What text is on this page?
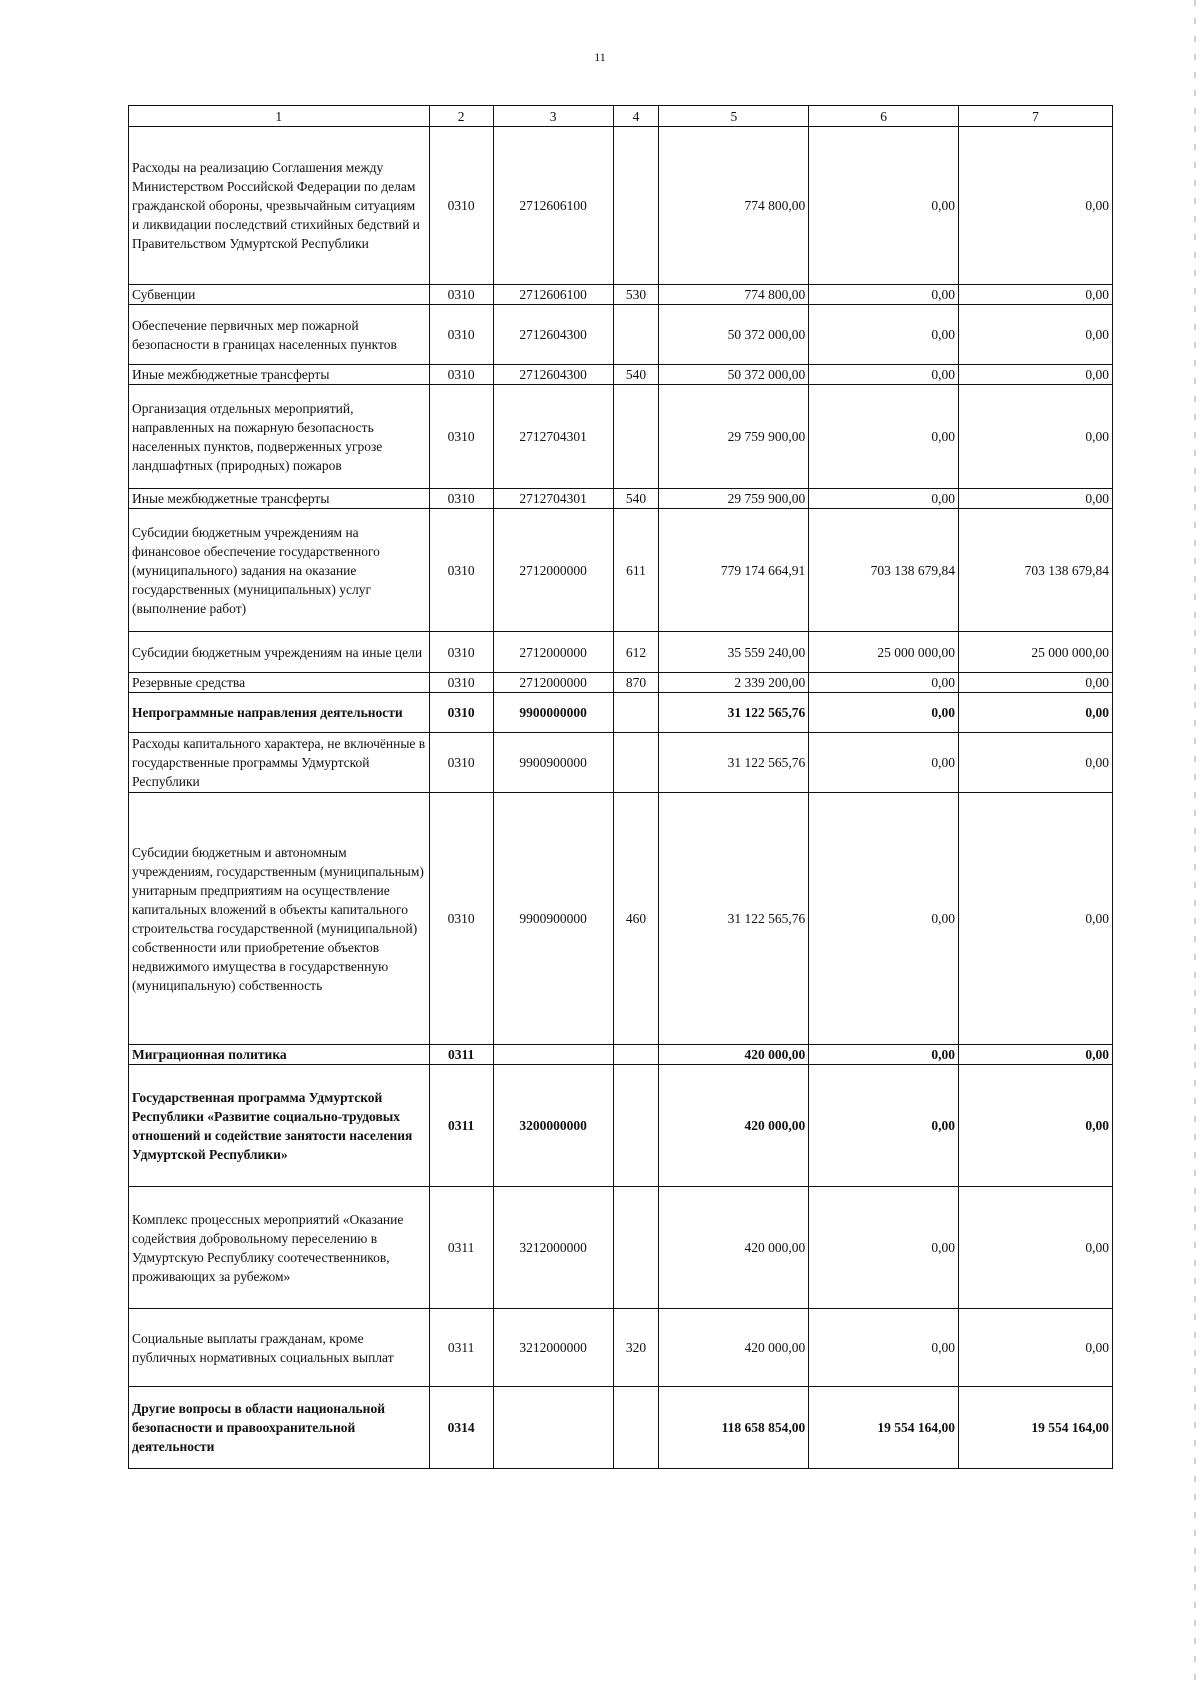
11
1	2	3	4	5	6	7
Расходы на реализацию Соглашения между Министерством Российской Федерации по делам гражданской обороны, чрезвычайным ситуациям и ликвидации последствий стихийных бедствий и Правительством Удмуртской Республики	0310	2712606100		774 800,00	0,00	0,00
Субвенции	0310	2712606100	530	774 800,00	0,00	0,00
Обеспечение первичных мер пожарной безопасности в границах населенных пунктов	0310	2712604300		50 372 000,00	0,00	0,00
Иные межбюджетные трансферты	0310	2712604300	540	50 372 000,00	0,00	0,00
Организация отдельных мероприятий, направленных на пожарную безопасность населенных пунктов, подверженных угрозе ландшафтных (природных) пожаров	0310	2712704301		29 759 900,00	0,00	0,00
Иные межбюджетные трансферты	0310	2712704301	540	29 759 900,00	0,00	0,00
Субсидии бюджетным учреждениям на финансовое обеспечение государственного (муниципального) задания на оказание государственных (муниципальных) услуг (выполнение работ)	0310	2712000000	611	779 174 664,91	703 138 679,84	703 138 679,84
Субсидии бюджетным учреждениям на иные цели	0310	2712000000	612	35 559 240,00	25 000 000,00	25 000 000,00
Резервные средства	0310	2712000000	870	2 339 200,00	0,00	0,00
Непрограммные направления деятельности	0310	9900000000		31 122 565,76	0,00	0,00
Расходы капитального характера, не включённые в государственные программы Удмуртской Республики	0310	9900900000		31 122 565,76	0,00	0,00
Субсидии бюджетным и автономным учреждениям, государственным (муниципальным) унитарным предприятиям на осуществление капитальных вложений в объекты капитального строительства государственной (муниципальной) собственности или приобретение объектов недвижимого имущества в государственную (муниципальную) собственность	0310	9900900000	460	31 122 565,76	0,00	0,00
Миграционная политика	0311			420 000,00	0,00	0,00
Государственная программа Удмуртской Республики «Развитие социально-трудовых отношений и содействие занятости населения Удмуртской Республики»	0311	3200000000		420 000,00	0,00	0,00
Комплекс процессных мероприятий «Оказание содействия добровольному переселению в Удмуртскую Республику соотечественников, проживающих за рубежом»	0311	3212000000		420 000,00	0,00	0,00
Социальные выплаты гражданам, кроме публичных нормативных социальных выплат	0311	3212000000	320	420 000,00	0,00	0,00
Другие вопросы в области национальной безопасности и правоохранительной деятельности	0314			118 658 854,00	19 554 164,00	19 554 164,00
